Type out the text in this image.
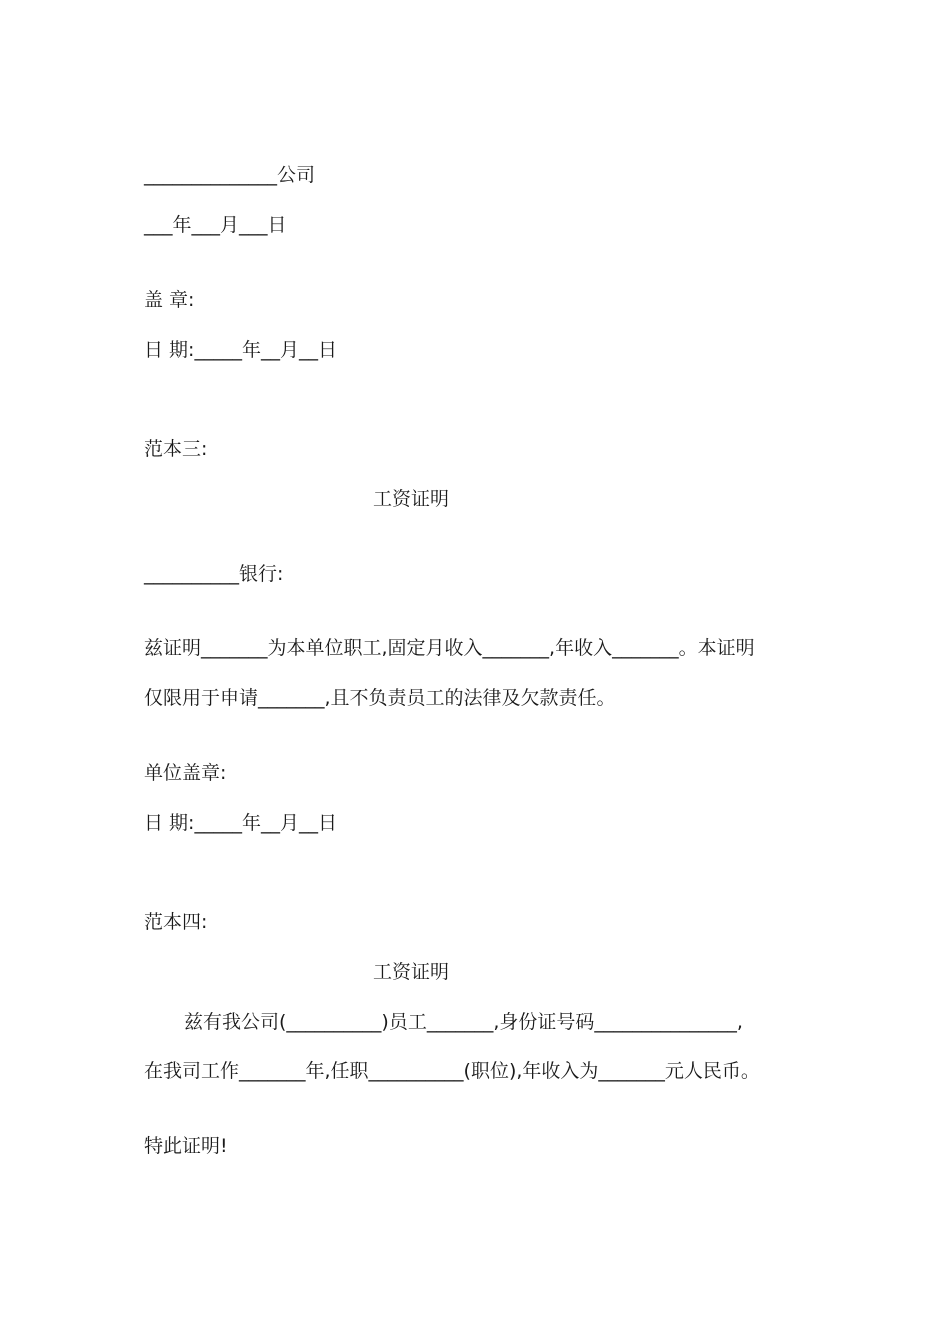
______________公司
___年___月___日
盖 章:
日 期:_____年__月__日
范本三:
工资证明
__________银行:
兹证明_______为本单位职工,固定月收入_______,年收入_______。本证明
仅限用于申请_______,且不负责员工的法律及欠款责任。
单位盖章:
日 期:_____年__月__日
范本四:
工资证明
兹有我公司(__________)员工_______,身份证号码_______________,
在我司工作_______年,任职__________(职位),年收入为_______元人民币。
特此证明!
